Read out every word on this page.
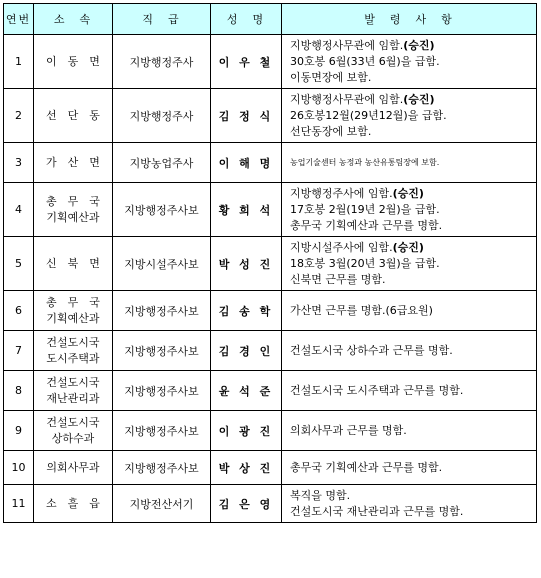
연번	소　속	직　급	성　명	발　령　사　항
1	이　동　면	지방행정주사	이 우 철	지방행정사무관에 임함.(승진)
30호봉 6월(33년 6월)을 급함.
이동면장에 보함.

2	선　단　동	지방행정주사	김 정 식	지방행정사무관에 임함.(승진)
26호봉12월(29년12월)을 급함.
선단동장에 보함.

3	가　산　면	지방농업주사	이 해 명	농업기술센터 농정과 농산유통팀장에 보함.

4	총　무　국
기획예산과	지방행정주사보	황 희 석	지방행정주사에 임함.(승진)
17호봉 2월(19년 2월)을 급함.
총무국 기획예산과 근무를 명함.

5	신　북　면	지방시설주사보	박 성 진	지방시설주사에 임함.(승진)
18호봉 3월(20년 3월)을 급함.
신북면 근무를 명함.

6	총　무　국
기획예산과	지방행정주사보	김 송 학	가산면 근무를 명함.(6급요원)

7	건설도시국
도시주택과	지방행정주사보	김 경 인	건설도시국 상하수과 근무를 명함.

8	건설도시국
재난관리과	지방행정주사보	윤 석 준	건설도시국 도시주택과 근무를 명함.

9	건설도시국
상하수과	지방행정주사보	이 광 진	의회사무과 근무를 명함.

10	의회사무과	지방행정주사보	박 상 진	총무국 기획예산과 근무를 명함.

11	소　흘　읍	지방전산서기	김 은 영	복직을 명함.
건설도시국 재난관리과 근무를 명함.
